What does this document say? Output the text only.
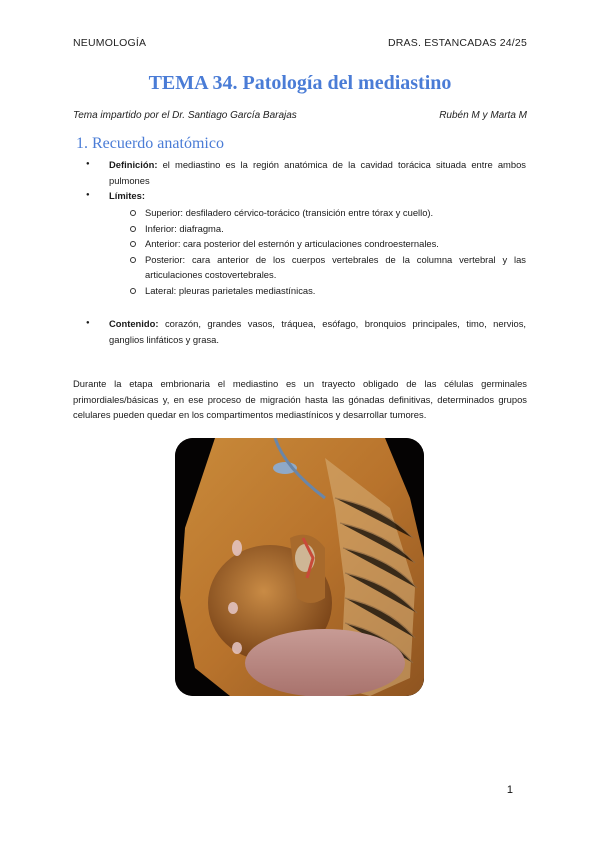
NEUMOLOGÍA	DRAS. ESTANCADAS 24/25
TEMA 34. Patología del mediastino
Tema impartido por el Dr. Santiago García Barajas	Rubén M y Marta M
1. Recuerdo anatómico
● Definición: el mediastino es la región anatómica de la cavidad torácica situada entre ambos pulmones
● Límites:
Superior: desfiladero cérvico-torácico (transición entre tórax y cuello).
Inferior: diafragma.
Anterior: cara posterior del esternón y articulaciones condroesternales.
Posterior: cara anterior de los cuerpos vertebrales de la columna vertebral y las articulaciones costovertebrales.
Lateral: pleuras parietales mediastínicas.
● Contenido: corazón, grandes vasos, tráquea, esófago, bronquios principales, timo, nervios, ganglios linfáticos y grasa.

Durante la etapa embrionaria el mediastino es un trayecto obligado de las células germinales primordiales/básicas y, en ese proceso de migración hasta las gónadas definitivas, determinados grupos celulares pueden quedar en los compartimentos mediastínicos y desarrollar tumores.

1
